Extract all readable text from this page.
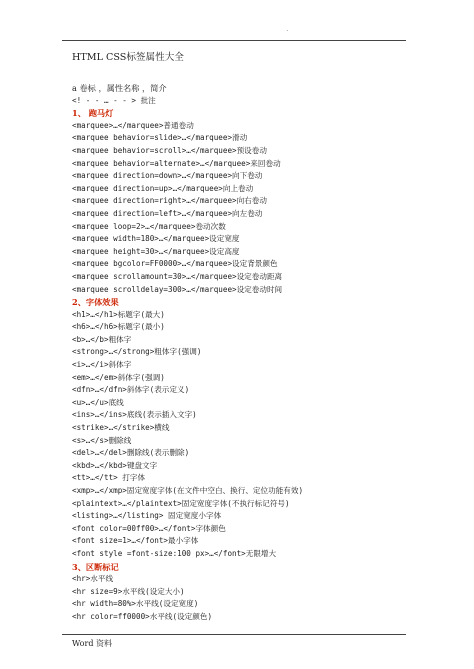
.
HTML CSS标签属性大全
a 卷标 ，属性名称 ，简介
<! - - … - - > 批注
1、 跑马灯
<marquee>…</marquee>普通卷动
<marquee behavior=slide>…</marquee>滑动
<marquee behavior=scroll>…</marquee>预设卷动
<marquee behavior=alternate>…</marquee>来回卷动
<marquee direction=down>…</marquee>向下卷动
<marquee direction=up>…</marquee>向上卷动
<marquee direction=right>…</marquee>向右卷动
<marquee direction=left>…</marquee>向左卷动
<marquee loop=2>…</marquee>卷动次数
<marquee width=180>…</marquee>设定宽度
<marquee height=30>…</marquee>设定高度
<marquee bgcolor=FF0000>…</marquee>设定背景颜色
<marquee scrollamount=30>…</marquee>设定卷动距离
<marquee scrolldelay=300>…</marquee>设定卷动时间
2、字体效果
<h1>…</h1>标题字(最大)
<h6>…</h6>标题字(最小)
<b>…</b>粗体字
<strong>…</strong>粗体字(强调)
<i>…</i>斜体字
<em>…</em>斜体字(强调)
<dfn>…</dfn>斜体字(表示定义)
<u>…</u>底线
<ins>…</ins>底线(表示插入文字)
<strike>…</strike>横线
<s>…</s>删除线
<del>…</del>删除线(表示删除)
<kbd>…</kbd>键盘文字
<tt>…</tt> 打字体
<xmp>…</xmp>固定宽度字体(在文件中空白、换行、定位功能有效)
<plaintext>…</plaintext>固定宽度字体(不执行标记符号)
<listing>…</listing> 固定宽度小字体
<font color=00ff00>…</font>字体颜色
<font size=1>…</font>最小字体
<font style =font-size:100 px>…</font>无限增大
3、区断标记
<hr>水平线
<hr size=9>水平线(设定大小)
<hr width=80%>水平线(设定宽度)
<hr color=ff0000>水平线(设定颜色)
Word 资料
